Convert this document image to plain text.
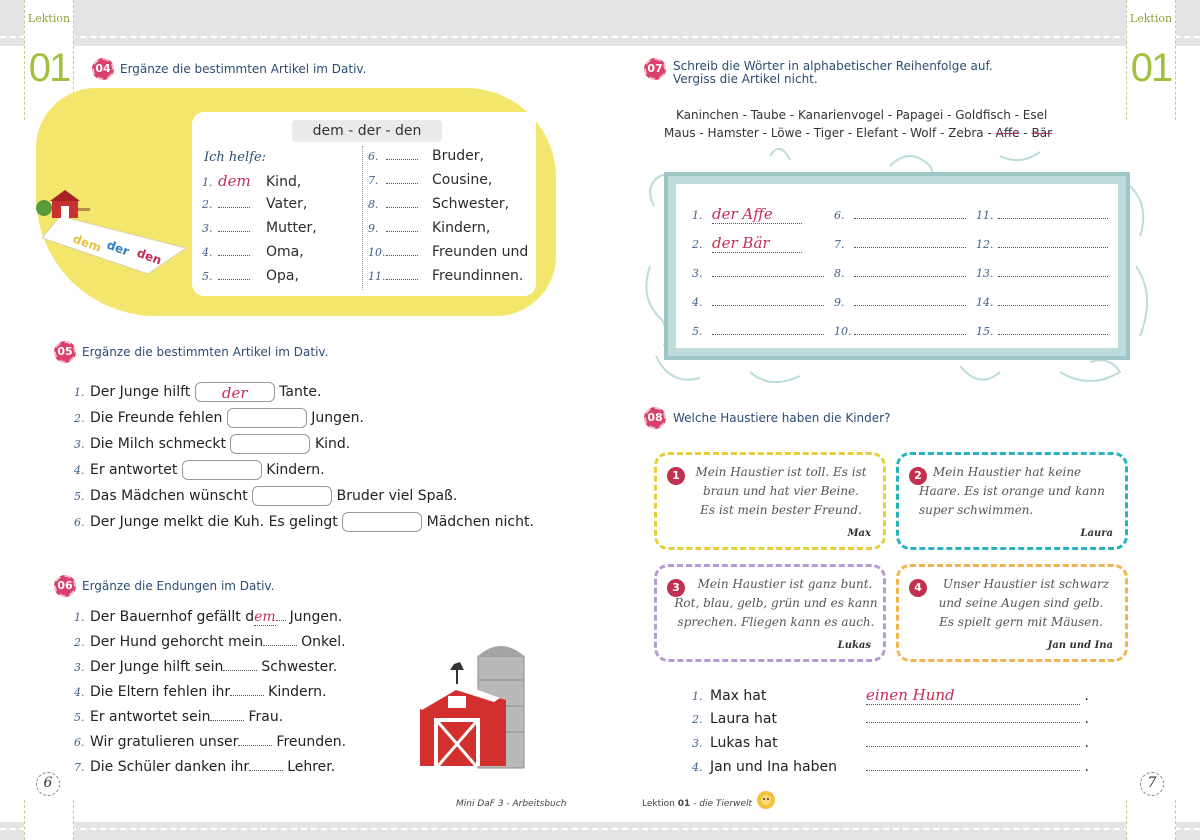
Lektion
01
Lektion
01
04 Ergänze die bestimmten Artikel im Dativ.
dem der den
dem - der - den
Ich helfe:
1. dem Kind,
2.	Vater,
3.	Mutter,
4.	Oma,
5.	Opa,
6.	Bruder,
7.	Cousine,
8.	Schwester,
9.	Kindern,
10.	Freunden und
11.	Freundinnen.
05 Ergänze die bestimmten Artikel im Dativ.
1. Der Junge hilft der Tante.
2. Die Freunde fehlen	Jungen.
3. Die Milch schmeckt	Kind.
4. Er antwortet	Kindern.
5. Das Mädchen wünscht	Bruder viel Spaß.
6. Der Junge melkt die Kuh. Es gelingt	Mädchen nicht.
06 Ergänze die Endungen im Dativ.
1. Der Bauernhof gefällt dem Jungen.
2. Der Hund gehorcht mein	Onkel.
3. Der Junge hilft sein	Schwester.
4. Die Eltern fehlen ihr	Kindern.
5. Er antwortet sein	Frau.
6. Wir gratulieren unser	Freunden.
7. Die Schüler danken ihr	Lehrer.
07 Schreib die Wörter in alphabetischer Reihenfolge auf.
Vergiss die Artikel nicht.
Kaninchen - Taube - Kanarienvogel - Papagei - Goldfisch - Esel
Maus - Hamster - Löwe - Tiger - Elefant - Wolf - Zebra - Affe - Bär
1. der Affe
2. der Bär
3.
4.
5.
6.
7.
8.
9.
10.
11.
12.
13.
14.
15.
08 Welche Haustiere haben die Kinder?
1	Mein Haustier ist toll. Es ist
braun und hat vier Beine.
Es ist mein bester Freund.
Max
2 Mein Haustier hat keine
Haare. Es ist orange und kann
super schwimmen.
Laura
3	Mein Haustier ist ganz bunt.
Rot, blau, gelb, grün und es kann
sprechen. Fliegen kann es auch.
Lukas
4	Unser Haustier ist schwarz
und seine Augen sind gelb.
Es spielt gern mit Mäusen.
Jan und Ina
1. Max hat	einen Hund	.
2. Laura hat	.
3. Lukas hat	.
4. Jan und Ina haben	.
6	7
Mini DaF 3 - Arbeitsbuch	Lektion 01 - die Tierwelt
